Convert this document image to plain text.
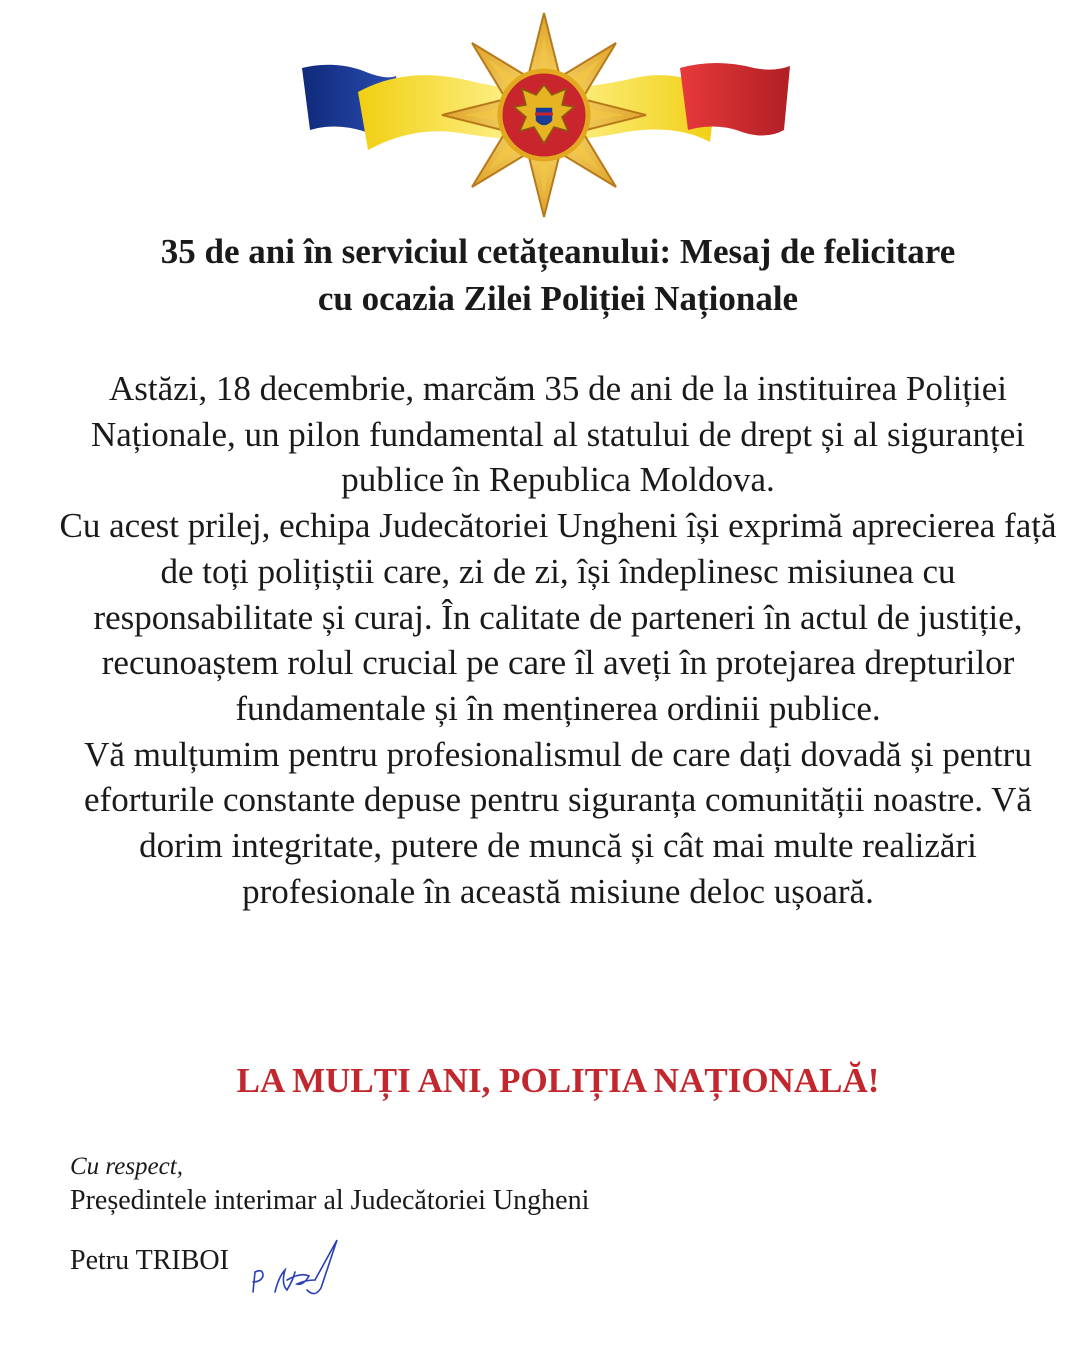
35 de ani în serviciul cetățeanului: Mesaj de felicitare
cu ocazia Zilei Poliției Naționale

Astăzi, 18 decembrie, marcăm 35 de ani de la instituirea Poliției Naționale, un pilon fundamental al statului de drept și al siguranței publice în Republica Moldova.

Cu acest prilej, echipa Judecătoriei Ungheni își exprimă aprecierea față de toți polițiștii care, zi de zi, își îndeplinesc misiunea cu responsabilitate și curaj. În calitate de parteneri în actul de justiție, recunoaștem rolul crucial pe care îl aveți în protejarea drepturilor fundamentale și în menținerea ordinii publice.

Vă mulțumim pentru profesionalismul de care dați dovadă și pentru eforturile constante depuse pentru siguranța comunității noastre. Vă dorim integritate, putere de muncă și cât mai multe realizări profesionale în această misiune deloc ușoară.

LA MULȚI ANI, POLIȚIA NAȚIONALĂ!
Cu respect,
Președintele interimar al Judecătoriei Ungheni
Petru TRIBOI
